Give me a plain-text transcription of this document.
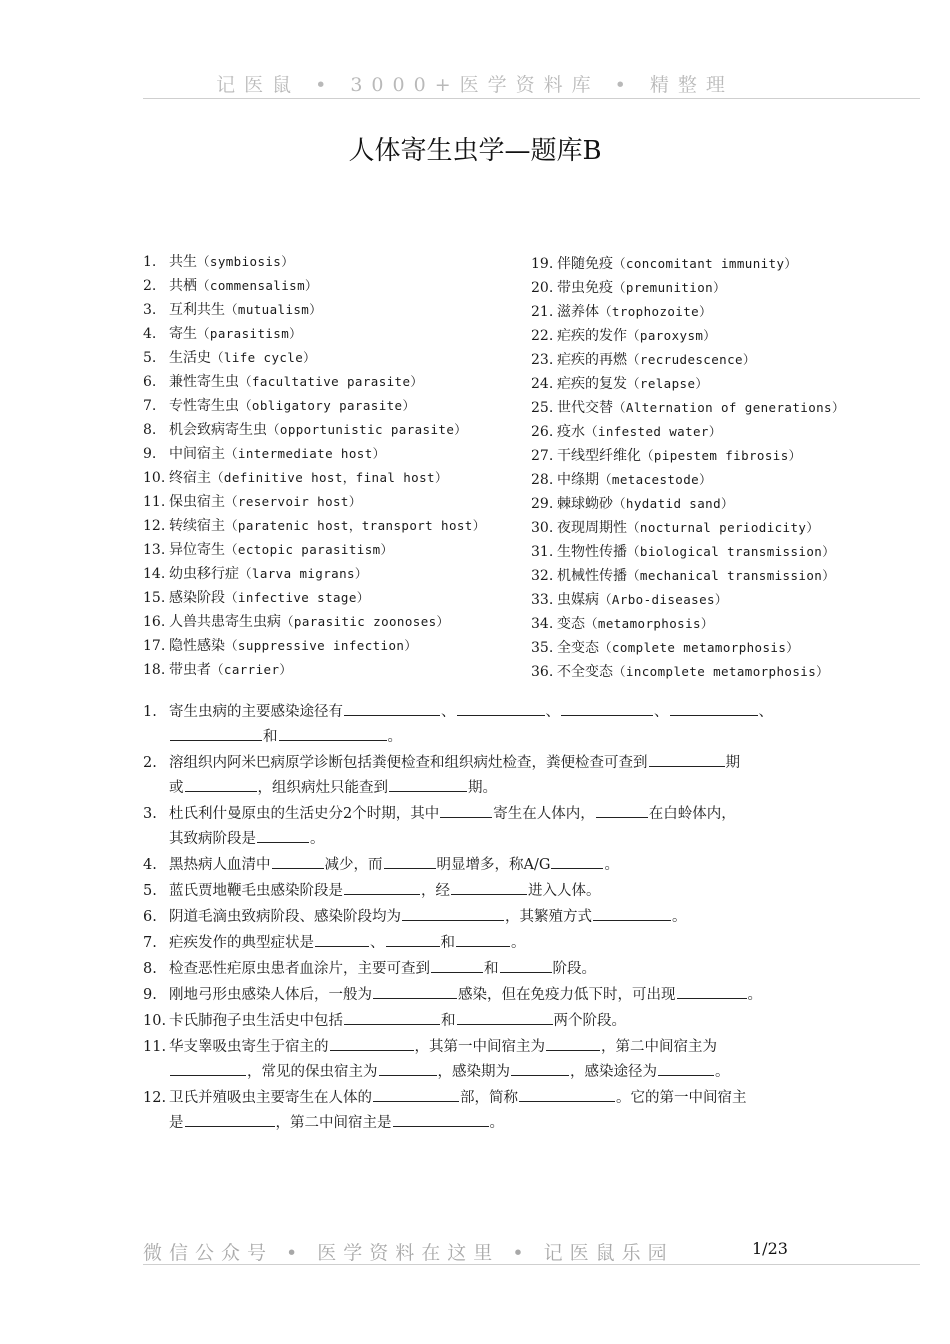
记医鼠 • 3000+医学资料库 • 精整理
人体寄生虫学—题库B
1. 共生（symbiosis）
2. 共栖（commensalism）
3. 互利共生（mutualism）
4. 寄生（parasitism）
5. 生活史（life cycle）
6. 兼性寄生虫（facultative parasite）
7. 专性寄生虫（obligatory parasite）
8. 机会致病寄生虫（opportunistic parasite）
9. 中间宿主（intermediate host）
10. 终宿主（definitive host，final host）
11. 保虫宿主（reservoir host）
12. 转续宿主（paratenic host，transport host）
13. 异位寄生（ectopic parasitism）
14. 幼虫移行症（larva migrans）
15. 感染阶段（infective stage）
16. 人兽共患寄生虫病（parasitic zoonoses）
17. 隐性感染（suppressive infection）
18. 带虫者（carrier）
19. 伴随免疫（concomitant immunity）
20. 带虫免疫（premunition）
21. 滋养体（trophozoite）
22. 疟疾的发作（paroxysm）
23. 疟疾的再燃（recrudescence）
24. 疟疾的复发（relapse）
25. 世代交替（Alternation of generations）
26. 疫水（infested water）
27. 干线型纤维化（pipestem fibrosis）
28. 中绦期（metacestode）
29. 棘球蚴砂（hydatid sand）
30. 夜现周期性（nocturnal periodicity）
31. 生物性传播（biological transmission）
32. 机械性传播（mechanical transmission）
33. 虫媒病（Arbo-diseases）
34. 变态（metamorphosis）
35. 全变态（complete metamorphosis）
36. 不全变态（incomplete metamorphosis）
1. 寄生虫病的主要感染途径有	、	、	、	、
和	。
2. 溶组织内阿米巴病原学诊断包括粪便检查和组织病灶检查，粪便检查可查到	期
或	，组织病灶只能查到	期。
3. 杜氏利什曼原虫的生活史分2个时期，其中	寄生在人体内，	在白蛉体内，
其致病阶段是	。
4. 黑热病人血清中	减少，而	明显增多，称A/G	。
5. 蓝氏贾地鞭毛虫感染阶段是	，经	进入人体。
6. 阴道毛滴虫致病阶段、感染阶段均为	，其繁殖方式	。
7. 疟疾发作的典型症状是	、	和	。
8. 检查恶性疟原虫患者血涂片，主要可查到	和	阶段。
9. 刚地弓形虫感染人体后，一般为	感染，但在免疫力低下时，可出现	。
10. 卡氏肺孢子虫生活史中包括	和	两个阶段。
11. 华支睾吸虫寄生于宿主的	，其第一中间宿主为	，第二中间宿主为
，常见的保虫宿主为	，感染期为	，感染途径为	。
12. 卫氏并殖吸虫主要寄生在人体的	部，简称	。它的第一中间宿主
是	，第二中间宿主是	。
微信公众号 • 医学资料在这里 • 记医鼠乐园	1/23
